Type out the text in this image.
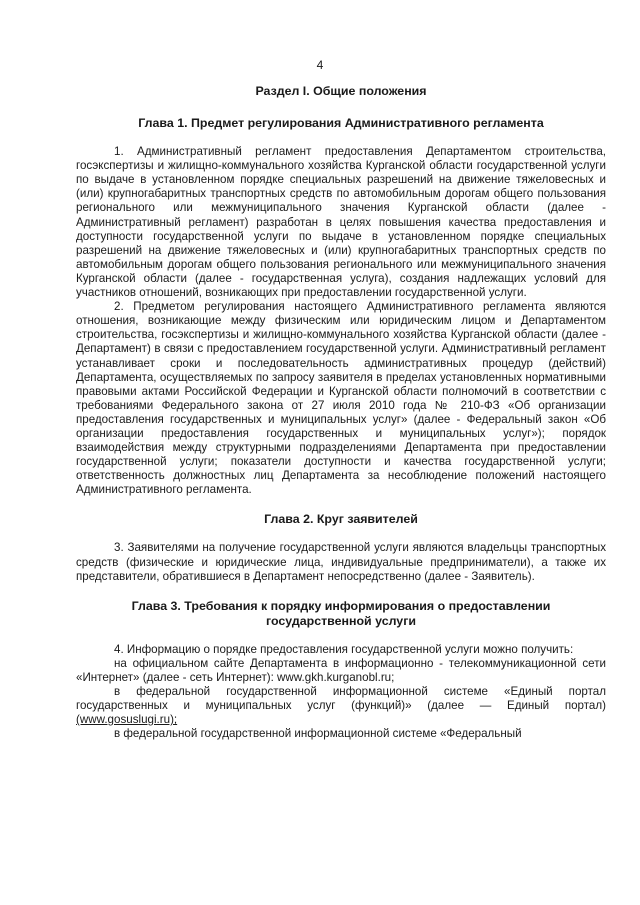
4
Раздел I. Общие положения
Глава 1. Предмет регулирования Административного регламента

1. Административный регламент предоставления Департаментом строительства, госэкспертизы и жилищно-коммунального хозяйства Курганской области государственной услуги по выдаче в установленном порядке специальных разрешений на движение тяжеловесных и (или) крупногабаритных транспортных средств по автомобильным дорогам общего пользования регионального или межмуниципального значения Курганской области (далее - Административный регламент) разработан в целях повышения качества предоставления и доступности государственной услуги по выдаче в установленном порядке специальных разрешений на движение тяжеловесных и (или) крупногабаритных транспортных средств по автомобильным дорогам общего пользования регионального или межмуниципального значения Курганской области (далее - государственная услуга), создания надлежащих условий для участников отношений, возникающих при предоставлении государственной услуги.

2. Предметом регулирования настоящего Административного регламента являются отношения, возникающие между физическим или юридическим лицом и Департаментом строительства, госэкспертизы и жилищно-коммунального хозяйства Курганской области (далее - Департамент) в связи с предоставлением государственной услуги. Административный регламент устанавливает сроки и последовательность административных процедур (действий) Департамента, осуществляемых по запросу заявителя в пределах установленных нормативными правовыми актами Российской Федерации и Курганской области полномочий в соответствии с требованиями Федерального закона от 27 июля 2010 года № 210-ФЗ «Об организации предоставления государственных и муниципальных услуг» (далее - Федеральный закон «Об организации предоставления государственных и муниципальных услуг»); порядок взаимодействия между структурными подразделениями Департамента при предоставлении государственной услуги; показатели доступности и качества государственной услуги; ответственность должностных лиц Департамента за несоблюдение положений настоящего Административного регламента.

Глава 2. Круг заявителей

3. Заявителями на получение государственной услуги являются владельцы транспортных средств (физические и юридические лица, индивидуальные предприниматели), а также их представители, обратившиеся в Департамент непосредственно (далее - Заявитель).

Глава 3. Требования к порядку информирования о предоставлении
государственной услуги

4. Информацию о порядке предоставления государственной услуги можно получить:

на официальном сайте Департамента в информационно - телекоммуникационной сети «Интернет» (далее - сеть Интернет): www.gkh.kurganobl.ru;

в федеральной государственной информационной системе «Единый портал государственных и муниципальных услуг (функций)» (далее — Единый портал) (www.gosuslugi.ru);

в федеральной государственной информационной системе «Федеральный
